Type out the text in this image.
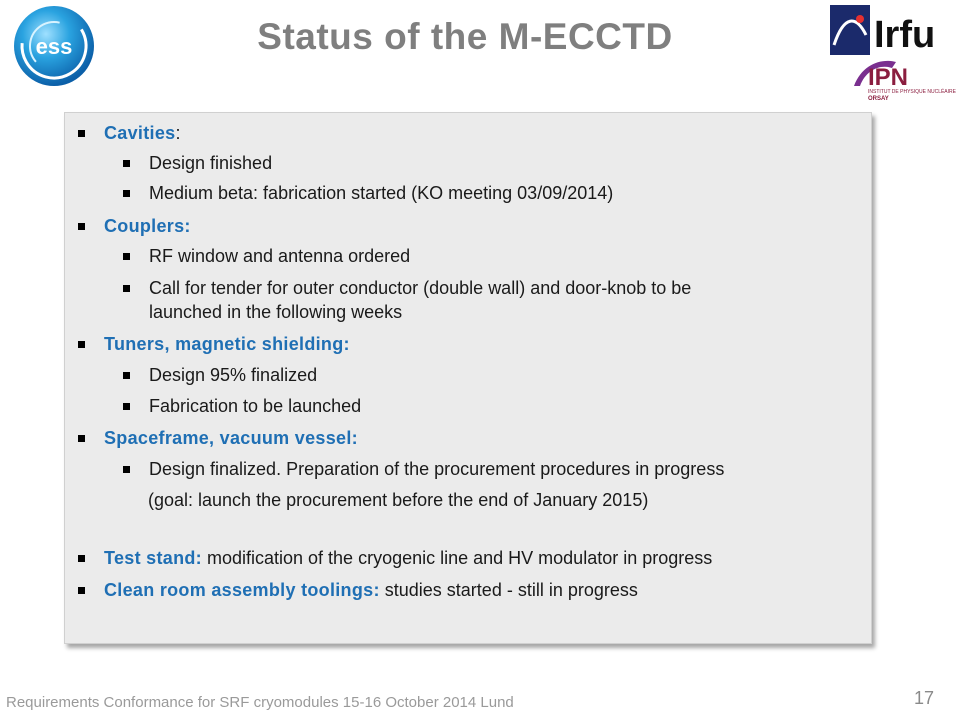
ess	Irfu
IPN
INSTITUT DE PHYSIQUE NUCLÉAIRE
ORSAY
Status of the M-ECCTD
Cavities:
Design finished
Medium beta: fabrication started (KO meeting 03/09/2014)
Couplers:
RF window and antenna ordered
Call for tender for outer conductor (double wall) and door-knob to be
launched in the following weeks
Tuners, magnetic shielding:
Design 95% finalized
Fabrication to be launched
Spaceframe, vacuum vessel:
Design finalized. Preparation of the procurement procedures in progress
(goal: launch the procurement before the end of January 2015)
Test stand: modification of the cryogenic line and HV modulator in progress
Clean room assembly toolings: studies started - still in progress
Requirements Conformance for SRF cryomodules 15-16 October 2014 Lund	17
